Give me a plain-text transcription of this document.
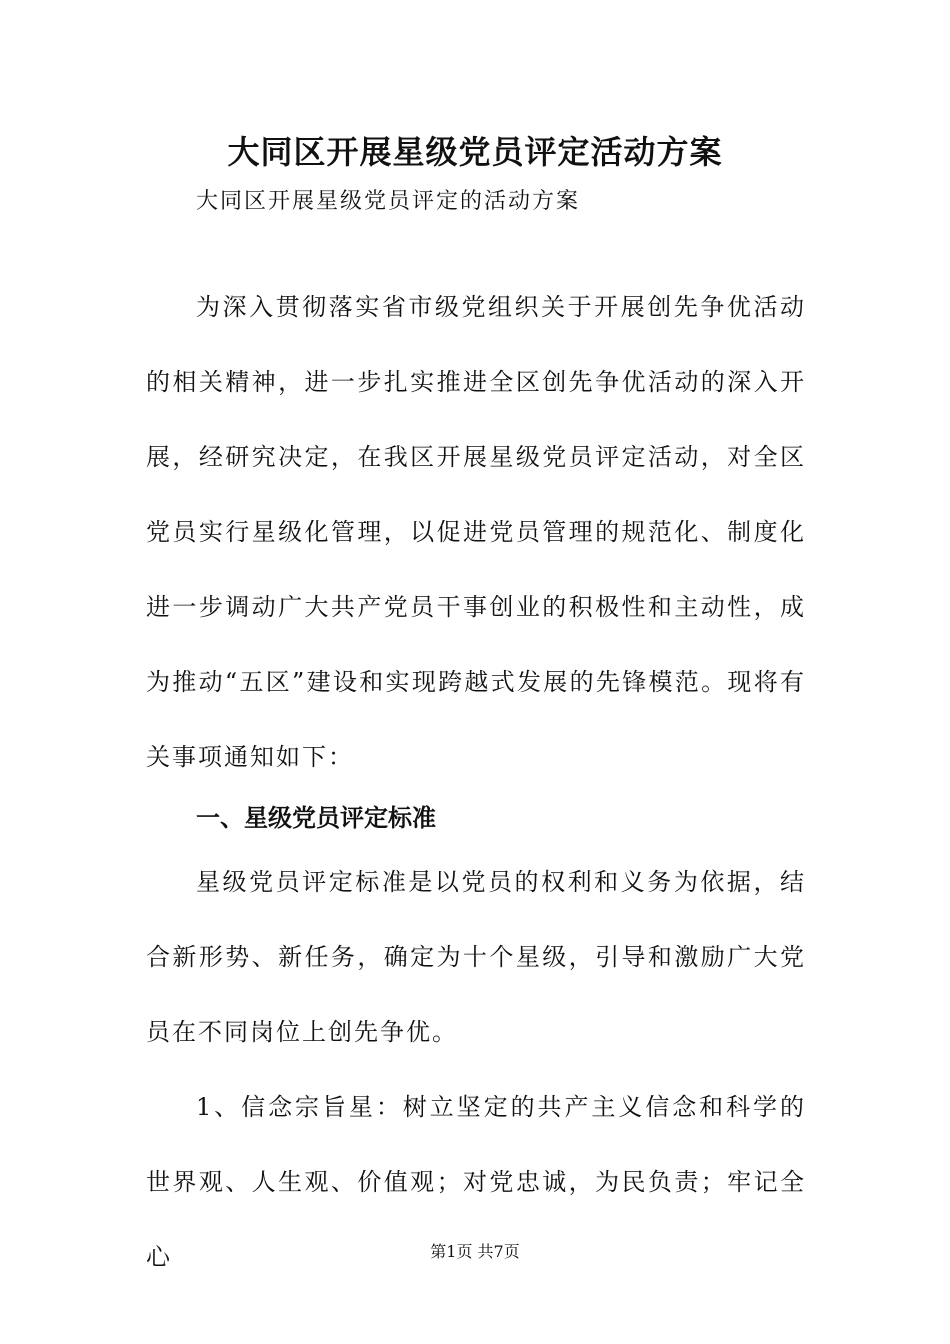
大同区开展星级党员评定活动方案

大同区开展星级党员评定的活动方案

为深入贯彻落实省市级党组织关于开展创先争优活动的相关精神，进一步扎实推进全区创先争优活动的深入开展，经研究决定，在我区开展星级党员评定活动，对全区党员实行星级化管理，以促进党员管理的规范化、制度化进一步调动广大共产党员干事创业的积极性和主动性，成为推动“五区”建设和实现跨越式发展的先锋模范。现将有关事项通知如下：

一、星级党员评定标准

星级党员评定标准是以党员的权利和义务为依据，结合新形势、新任务，确定为十个星级，引导和激励广大党员在不同岗位上创先争优。

1、信念宗旨星：树立坚定的共产主义信念和科学的世界观、人生观、价值观；对党忠诚，为民负责；牢记全心	第1页 共7页
